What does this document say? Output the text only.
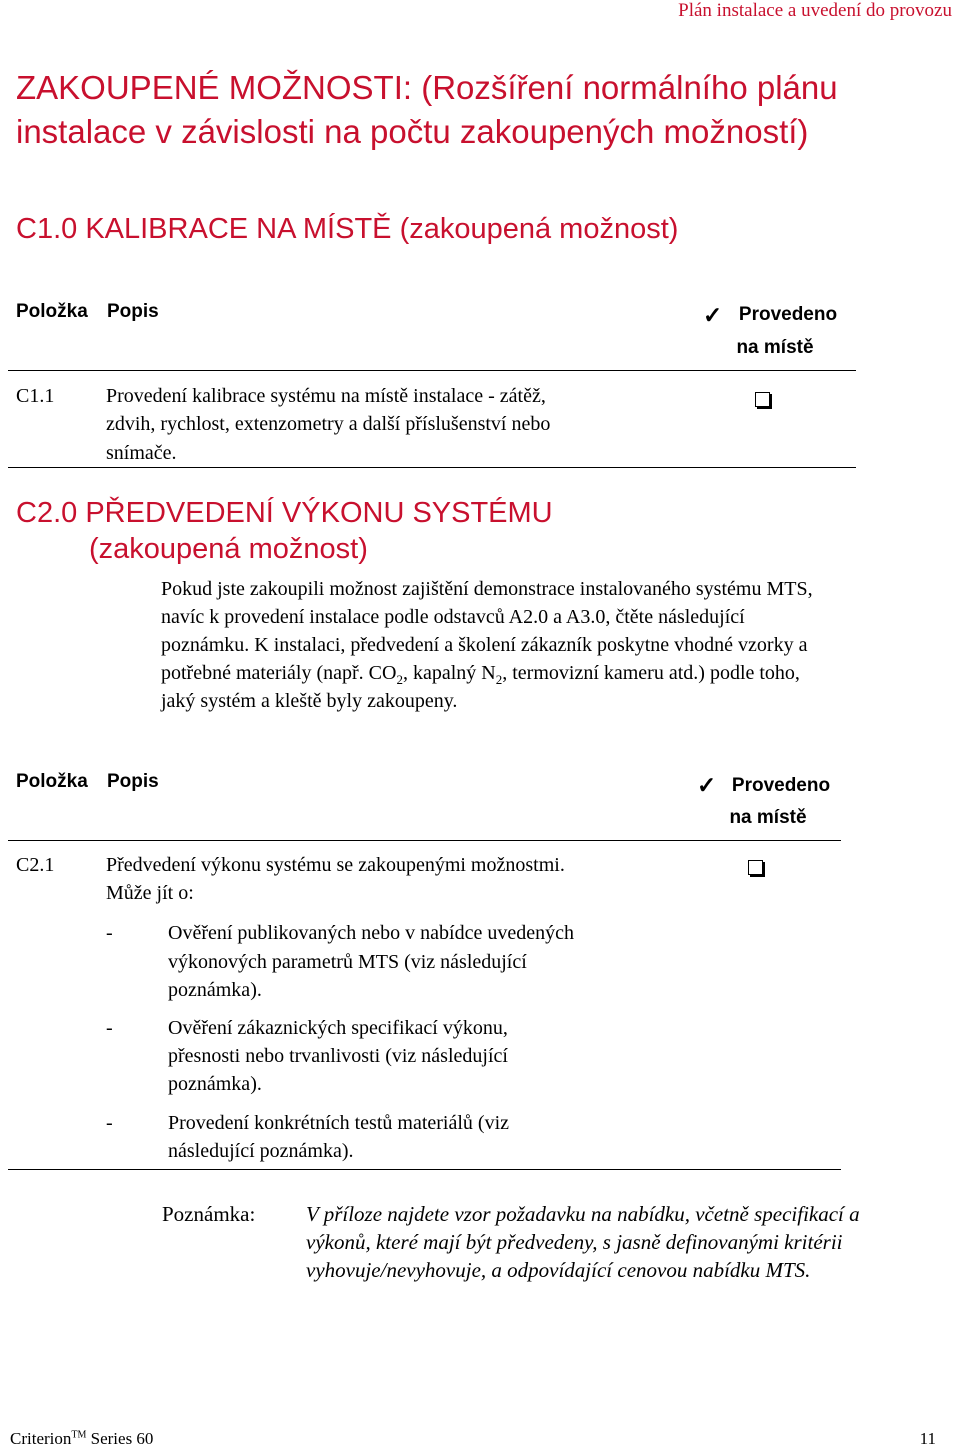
Plán instalace a uvedení do provozu
ZAKOUPENÉ MOŽNOSTI: (Rozšíření normálního plánu instalace v závislosti na počtu zakoupených možností)
C1.0 KALIBRACE NA MÍSTĚ (zakoupená možnost)
Položka Popis	✓ Provedeno
na místě
C1.1	Provedení kalibrace systému na místě instalace - zátěž,
zdvih, rychlost, extenzometry a další příslušenství nebo
snímače.
C2.0 PŘEDVEDENÍ VÝKONU SYSTÉMU
(zakoupená možnost)
Pokud jste zakoupili možnost zajištění demonstrace instalovaného systému MTS,
navíc k provedení instalace podle odstavců A2.0 a A3.0, čtěte následující
poznámku. K instalaci, předvedení a školení zákazník poskytne vhodné vzorky a
potřebné materiály (např. $CO_2$, kapalný $N_2$, termovizní kameru atd.) podle toho,
jaký systém a kleště byly zakoupeny.
Položka Popis	✓ Provedeno
na místě
C2.1	Předvedení výkonu systému se zakoupenými možnostmi.
Může jít o:
-	Ověření publikovaných nebo v nabídce uvedených
výkonových parametrů MTS (viz následující
poznámka).
-	Ověření zákaznických specifikací výkonu,
přesnosti nebo trvanlivosti (viz následující
poznámka).
-	Provedení konkrétních testů materiálů (viz
následující poznámka).
Poznámka: V příloze najdete vzor požadavku na nabídku, včetně specifikací a
výkonů, které mají být předvedeny, s jasně definovanými kritérii
vyhovuje/nevyhovuje, a odpovídající cenovou nabídku MTS.
Criterion™ Series 60	11
